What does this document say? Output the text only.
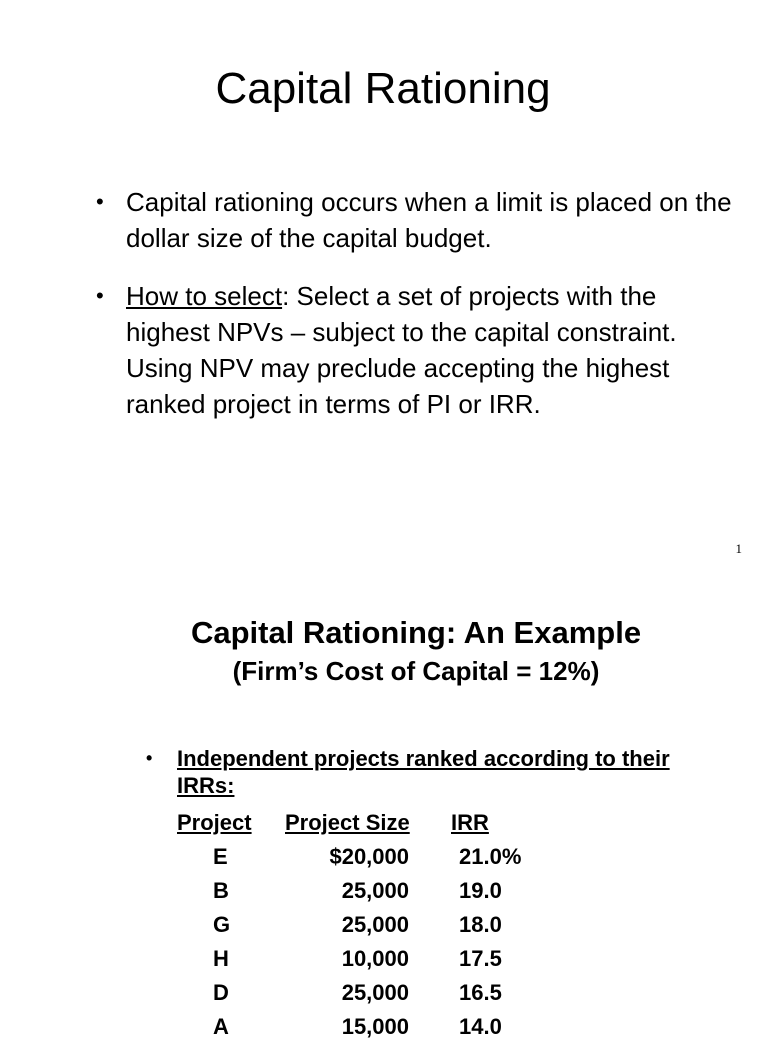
Capital Rationing
• Capital rationing occurs when a limit is placed on the dollar size of the capital budget.
• How to select: Select a set of projects with the highest NPVs – subject to the capital constraint. Using NPV may preclude accepting the highest ranked project in terms of PI or IRR.
1
Capital Rationing: An Example
(Firm’s Cost of Capital = 12%)
• Independent projects ranked according to their IRRs:
Project	Project Size	IRR
E	$20,000	21.0%
B	25,000	19.0
G	25,000	18.0
H	10,000	17.5
D	25,000	16.5
A	15,000	14.0
